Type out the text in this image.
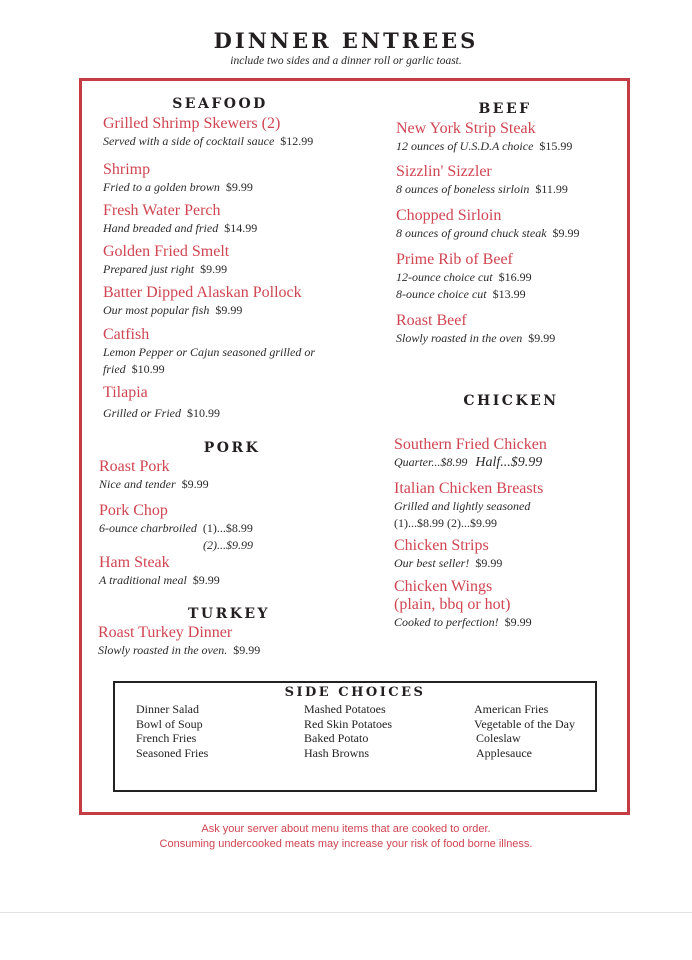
DINNER ENTREES
include two sides and a dinner roll or garlic toast.
SEAFOOD
Grilled Shrimp Skewers (2)
Served with a side of cocktail sauce $12.99
Shrimp
Fried to a golden brown $9.99
Fresh Water Perch
Hand breaded and fried $14.99
Golden Fried Smelt
Prepared just right $9.99
Batter Dipped Alaskan Pollock
Our most popular fish $9.99
Catfish
Lemon Pepper or Cajun seasoned grilled or
fried $10.99
Tilapia
Grilled or Fried $10.99
PORK
Roast Pork
Nice and tender $9.99
Pork Chop
6-ounce charbroiled (1)...$8.99
(2)...$9.99
Ham Steak
A traditional meal $9.99
TURKEY
Roast Turkey Dinner
Slowly roasted in the oven. $9.99
BEEF
New York Strip Steak
12 ounces of U.S.D.A choice $15.99
Sizzlin' Sizzler
8 ounces of boneless sirloin $11.99
Chopped Sirloin
8 ounces of ground chuck steak $9.99
Prime Rib of Beef
12-ounce choice cut $16.99
8-ounce choice cut $13.99
Roast Beef
Slowly roasted in the oven $9.99
CHICKEN
Southern Fried Chicken
Quarter...$8.99 Half...$9.99
Italian Chicken Breasts
Grilled and lightly seasoned
(1)...$8.99 (2)...$9.99
Chicken Strips
Our best seller! $9.99
Chicken Wings
(plain, bbq or hot)
Cooked to perfection! $9.99
SIDE CHOICES
Dinner Salad
Bowl of Soup
French Fries
Seasoned Fries
Mashed Potatoes
Red Skin Potatoes
Baked Potato
Hash Browns
American Fries
Vegetable of the Day
Coleslaw
Applesauce
Ask your server about menu items that are cooked to order.
Consuming undercooked meats may increase your risk of food borne illness.
